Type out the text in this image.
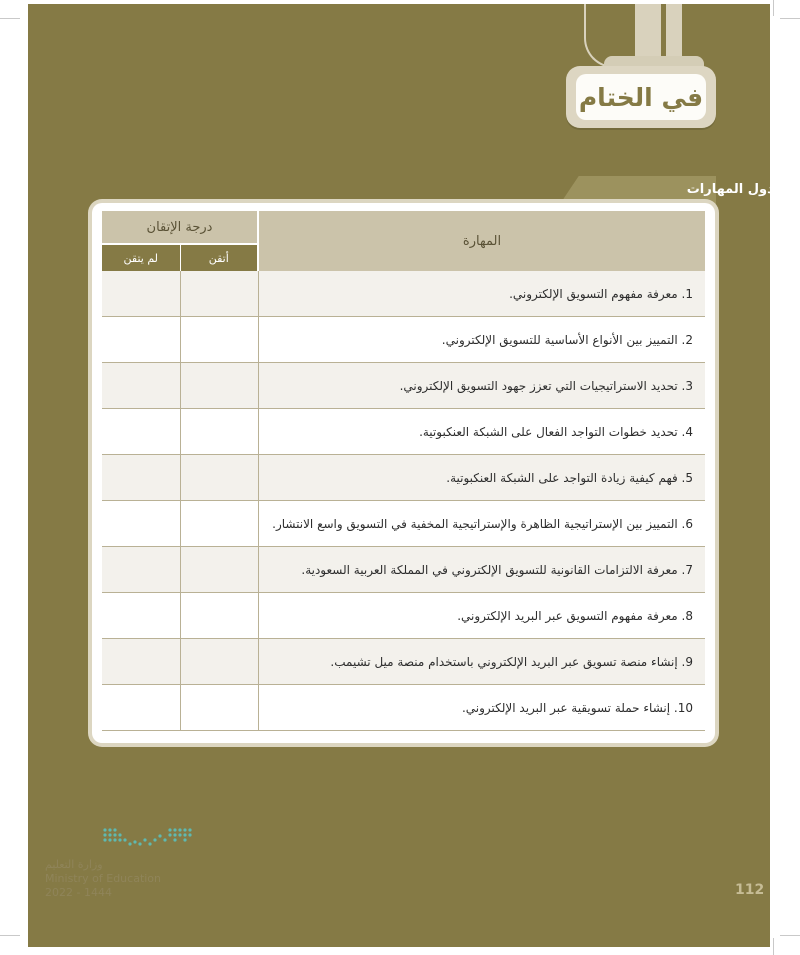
في الختام
جدول المهارات
المهارة	درجة الإتقان	
	أتقن	لم يتقن
1. معرفة مفهوم التسويق الإلكتروني.		
2. التمييز بين الأنواع الأساسية للتسويق الإلكتروني.		
3. تحديد الاستراتيجيات التي تعزز جهود التسويق الإلكتروني.		
4. تحديد خطوات التواجد الفعال على الشبكة العنكبوتية.		
5. فهم كيفية زيادة التواجد على الشبكة العنكبوتية.		
6. التمييز بين الإستراتيجية الظاهرة والإستراتيجية المخفية في التسويق واسع الانتشار.		
7. معرفة الالتزامات القانونية للتسويق الإلكتروني في المملكة العربية السعودية.		
8. معرفة مفهوم التسويق عبر البريد الإلكتروني.		
9. إنشاء منصة تسويق عبر البريد الإلكتروني باستخدام منصة ميل تشيمب.		
10. إنشاء حملة تسويقية عبر البريد الإلكتروني.		
وزارة التعليم
Ministry of Education
2022 - 1444	112
